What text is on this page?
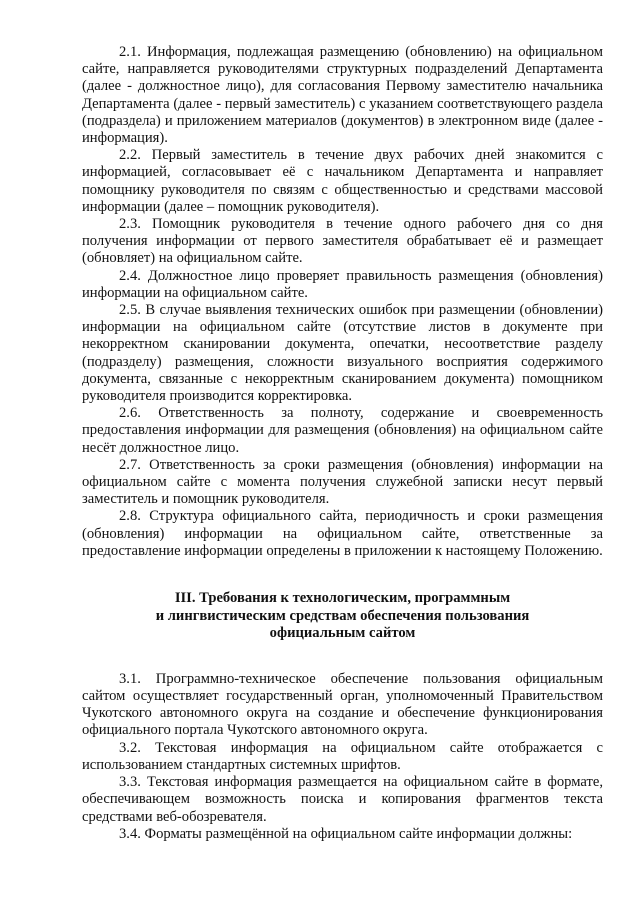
2.1. Информация, подлежащая размещению (обновлению) на официальном сайте, направляется руководителями структурных подразделений Департамента (далее - должностное лицо), для согласования Первому заместителю начальника Департамента (далее - первый заместитель) с указанием соответствующего раздела (подраздела) и приложением материалов (документов) в электронном виде (далее - информация).

2.2. Первый заместитель в течение двух рабочих дней знакомится с информацией, согласовывает её с начальником Департамента и направляет помощнику руководителя по связям с общественностью и средствами массовой информации (далее – помощник руководителя).

2.3. Помощник руководителя в течение одного рабочего дня со дня получения информации от первого заместителя обрабатывает её и размещает (обновляет) на официальном сайте.

2.4. Должностное лицо проверяет правильность размещения (обновления) информации на официальном сайте.

2.5. В случае выявления технических ошибок при размещении (обновлении) информации на официальном сайте (отсутствие листов в документе при некорректном сканировании документа, опечатки, несоответствие разделу (подразделу) размещения, сложности визуального восприятия содержимого документа, связанные с некорректным сканированием документа) помощником руководителя производится корректировка.

2.6. Ответственность за полноту, содержание и своевременность предоставления информации для размещения (обновления) на официальном сайте несёт должностное лицо.

2.7. Ответственность за сроки размещения (обновления) информации на официальном сайте с момента получения служебной записки несут первый заместитель и помощник руководителя.

2.8. Структура официального сайта, периодичность и сроки размещения (обновления) информации на официальном сайте, ответственные за предоставление информации определены в приложении к настоящему Положению.

III. Требования к технологическим, программным
и лингвистическим средствам обеспечения пользования
официальным сайтом

3.1. Программно-техническое обеспечение пользования официальным сайтом осуществляет государственный орган, уполномоченный Правительством Чукотского автономного округа на создание и обеспечение функционирования официального портала Чукотского автономного округа.

3.2. Текстовая информация на официальном сайте отображается с использованием стандартных системных шрифтов.

3.3. Текстовая информация размещается на официальном сайте в формате, обеспечивающем возможность поиска и копирования фрагментов текста средствами веб-обозревателя.

3.4. Форматы размещённой на официальном сайте информации должны:
